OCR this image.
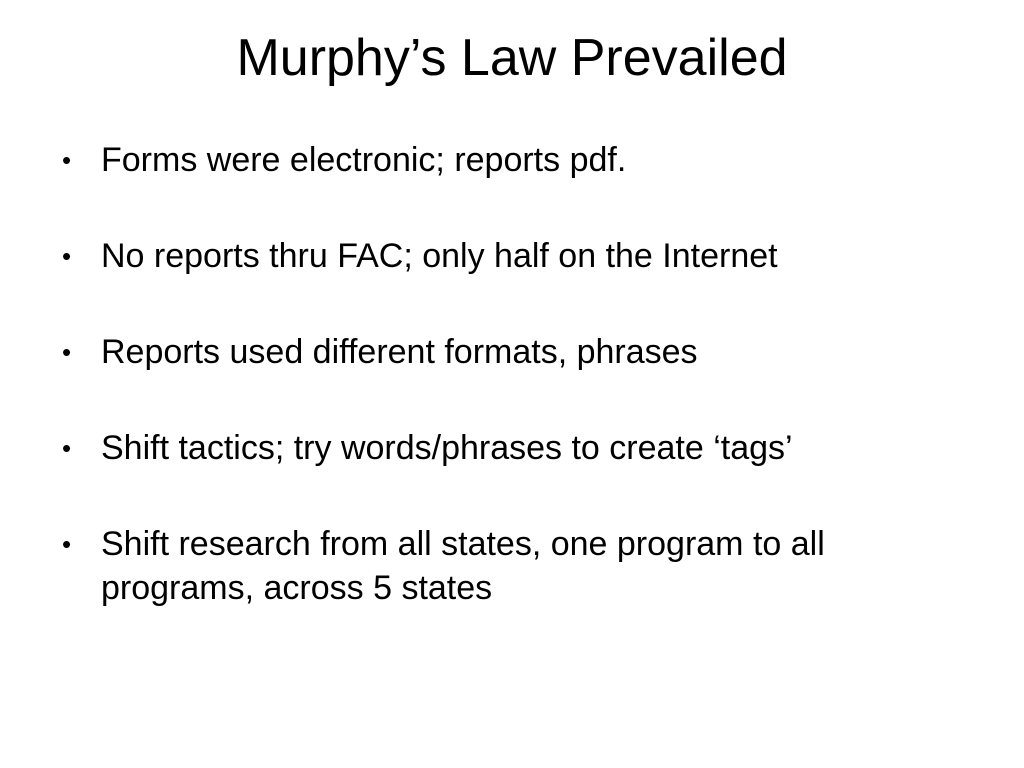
Murphy’s Law Prevailed
• Forms were electronic; reports pdf.
• No reports thru FAC; only half on the Internet
• Reports used different formats, phrases
• Shift tactics; try words/phrases to create ‘tags’
• Shift research from all states, one program to all programs, across 5 states
